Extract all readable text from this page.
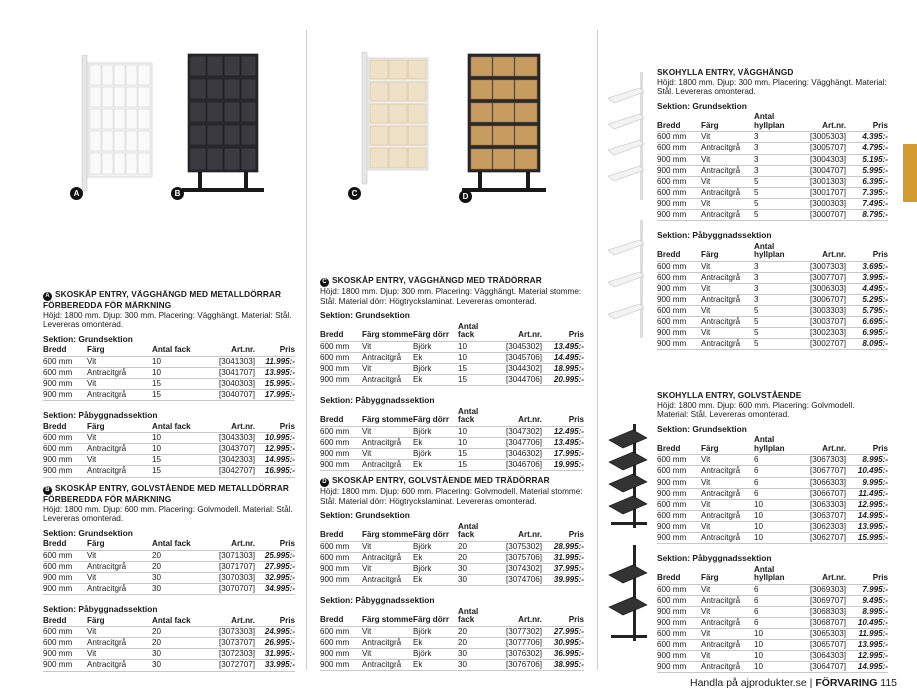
A	B	C	D
A SKOSKÅP ENTRY, VÄGGHÄNGD MED METALLDÖRRAR FÖRBEREDDA FÖR MÄRKNING
Höjd: 1800 mm. Djup: 300 mm. Placering: Vägghängt. Material: Stål. Levereras omonterad.
Sektion: Grundsektion
Bredd	Färg	Antal fack	Art.nr.	Pris
600 mm	Vit	10	[3041303]	11.995:-
600 mm	Antracitgrå	10	[3041707]	13.995:-
900 mm	Vit	15	[3040303]	15.995:-
900 mm	Antracitgrå	15	[3040707]	17.995:-
Sektion: Påbyggnadssektion
Bredd	Färg	Antal fack	Art.nr.	Pris
600 mm	Vit	10	[3043303]	10.995:-
600 mm	Antracitgrå	10	[3043707]	12.995:-
900 mm	Vit	15	[3042303]	14.995:-
900 mm	Antracitgrå	15	[3042707]	16.995:-
B SKOSKÅP ENTRY, GOLVSTÅENDE MED METALLDÖRRAR FÖRBEREDDA FÖR MÄRKNING
Höjd: 1800 mm. Djup: 600 mm. Placering: Golvmodell. Material: Stål. Levereras omonterad.
Sektion: Grundsektion
Bredd	Färg	Antal fack	Art.nr.	Pris
600 mm	Vit	20	[3071303]	25.995:-
600 mm	Antracitgrå	20	[3071707]	27.995:-
900 mm	Vit	30	[3070303]	32.995:-
900 mm	Antracitgrå	30	[3070707]	34.995:-
Sektion: Påbyggnadssektion
Bredd	Färg	Antal fack	Art.nr.	Pris
600 mm	Vit	20	[3073303]	24.995:-
600 mm	Antracitgrå	20	[3073707]	26.995:-
900 mm	Vit	30	[3072303]	31.995:-
900 mm	Antracitgrå	30	[3072707]	33.995:-
C SKOSKÅP ENTRY, VÄGGHÄNGD MED TRÄDÖRRAR
Höjd: 1800 mm. Djup: 300 mm. Placering: Vägghängt. Material stomme: Stål. Material dörr: Högtryckslaminat. Levereras omonterad.
Sektion: Grundsektion
Bredd	Färg stomme	Färg dörr	Antal fack	Art.nr.	Pris
600 mm	Vit	Björk	10	[3045302]	13.495:-
600 mm	Antracitgrå	Ek	10	[3045706]	14.495:-
900 mm	Vit	Björk	15	[3044302]	18.995:-
900 mm	Antracitgrå	Ek	15	[3044706]	20.995:-
Sektion: Påbyggnadssektion
Bredd	Färg stomme	Färg dörr	Antal fack	Art.nr.	Pris
600 mm	Vit	Björk	10	[3047302]	12.495:-
600 mm	Antracitgrå	Ek	10	[3047706]	13.495:-
900 mm	Vit	Björk	15	[3046302]	17.995:-
900 mm	Antracitgrå	Ek	15	[3046706]	19.995:-
D SKOSKÅP ENTRY, GOLVSTÅENDE MED TRÄDÖRRAR
Höjd: 1800 mm. Djup: 600 mm. Placering: Golvmodell. Material stomme: Stål. Material dörr: Högtryckslaminat. Levereras omonterad.
Sektion: Grundsektion
Bredd	Färg stomme	Färg dörr	Antal fack	Art.nr.	Pris
600 mm	Vit	Björk	20	[3075302]	28.995:-
600 mm	Antracitgrå	Ek	20	[3075706]	31.995:-
900 mm	Vit	Björk	30	[3074302]	37.995:-
900 mm	Antracitgrå	Ek	30	[3074706]	39.995:-
Sektion: Påbyggnadssektion
Bredd	Färg stomme	Färg dörr	Antal fack	Art.nr.	Pris
600 mm	Vit	Björk	20	[3077302]	27.995:-
600 mm	Antracitgrå	Ek	20	[3077706]	30.995:-
900 mm	Vit	Björk	30	[3076302]	36.995:-
900 mm	Antracitgrå	Ek	30	[3076706]	38.995:-
SKOHYLLA ENTRY, VÄGGHÄNGD
Höjd: 1800 mm. Djup: 300 mm. Placering: Vägghängt. Material: Stål. Levereras omonterad.
Sektion: Grundsektion
Bredd	Färg	Antal hyllplan	Art.nr.	Pris
600 mm	Vit	3	[3005303]	4.395:-
600 mm	Antracitgrå	3	[3005707]	4.795:-
900 mm	Vit	3	[3004303]	5.195:-
900 mm	Antracitgrå	3	[3004707]	5.995:-
600 mm	Vit	5	[3001303]	6.395:-
600 mm	Antracitgrå	5	[3001707]	7.395:-
900 mm	Vit	5	[3000303]	7.495:-
900 mm	Antracitgrå	5	[3000707]	8.795:-
Sektion: Påbyggnadssektion
Bredd	Färg	Antal hyllplan	Art.nr.	Pris
600 mm	Vit	3	[3007303]	3.695:-
600 mm	Antracitgrå	3	[3007707]	3.995:-
900 mm	Vit	3	[3006303]	4.495:-
900 mm	Antracitgrå	3	[3006707]	5.295:-
600 mm	Vit	5	[3003303]	5.795:-
600 mm	Antracitgrå	5	[3003707]	6.695:-
900 mm	Vit	5	[3002303]	6.995:-
900 mm	Antracitgrå	5	[3002707]	8.095:-
SKOHYLLA ENTRY, GOLVSTÅENDE
Höjd: 1800 mm. Djup: 600 mm. Placering: Golvmodell. Material: Stål. Levereras omonterad.
Sektion: Grundsektion
Bredd	Färg	Antal hyllplan	Art.nr.	Pris
600 mm	Vit	6	[3067303]	8.995:-
600 mm	Antracitgrå	6	[3067707]	10.495:-
900 mm	Vit	6	[3066303]	9.995:-
900 mm	Antracitgrå	6	[3066707]	11.495:-
600 mm	Vit	10	[3063303]	12.995:-
600 mm	Antracitgrå	10	[3063707]	14.995:-
900 mm	Vit	10	[3062303]	13.995:-
900 mm	Antracitgrå	10	[3062707]	15.995:-
Sektion: Påbyggnadssektion
Bredd	Färg	Antal hyllplan	Art.nr.	Pris
600 mm	Vit	6	[3069303]	7.995:-
600 mm	Antracitgrå	6	[3069707]	9.495:-
900 mm	Vit	6	[3068303]	8.995:-
900 mm	Antracitgrå	6	[3068707]	10.495:-
600 mm	Vit	10	[3065303]	11.995:-
600 mm	Antracitgrå	10	[3065707]	13.995:-
900 mm	Vit	10	[3064303]	12.995:-
900 mm	Antracitgrå	10	[3064707]	14.995:-
Handla på ajprodukter.se | FÖRVARING 115
